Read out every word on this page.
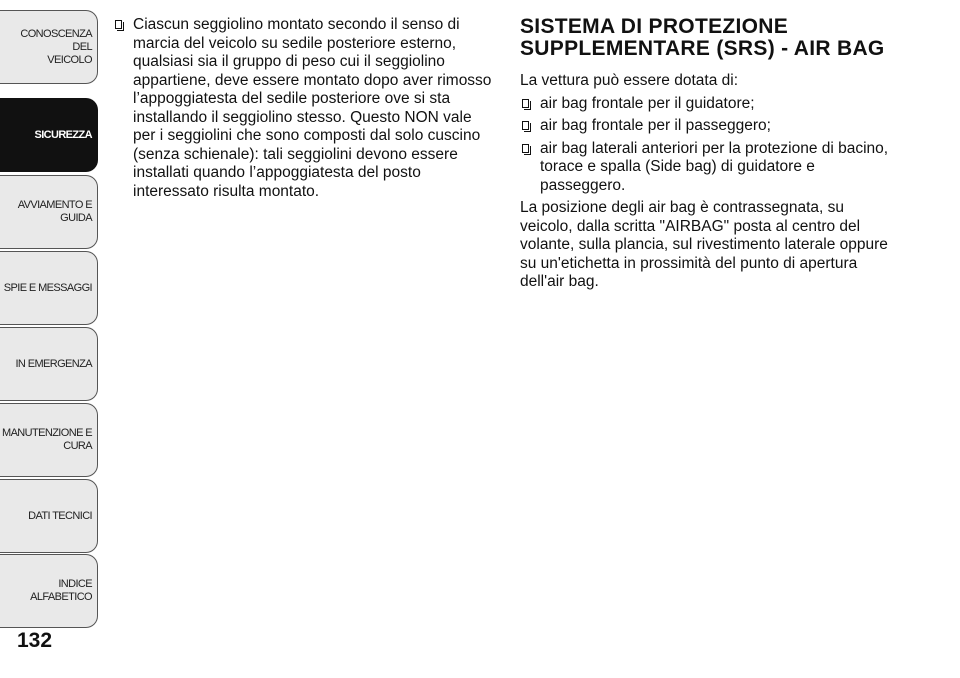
CONOSCENZA DEL
VEICOLO
SICUREZZA
AVVIAMENTO E
GUIDA
SPIE E MESSAGGI
IN EMERGENZA
MANUTENZIONE E
CURA
DATI TECNICI
INDICE ALFABETICO
132
Ciascun seggiolino montato secondo il senso di marcia del veicolo su sedile posteriore esterno, qualsiasi sia il gruppo di peso cui il seggiolino appartiene, deve essere montato dopo aver rimosso l’appoggiatesta del sedile posteriore ove si sta installando il seggiolino stesso. Questo NON vale per i seggiolini che sono composti dal solo cuscino (senza schienale): tali seggiolini devono essere installati quando l’appoggiatesta del posto interessato risulta montato.
SISTEMA DI PROTEZIONE
SUPPLEMENTARE (SRS) - AIR BAG
La vettura può essere dotata di:
air bag frontale per il guidatore;
air bag frontale per il passeggero;
air bag laterali anteriori per la protezione di bacino, torace e spalla (Side bag) di guidatore e passeggero.
La posizione degli air bag è contrassegnata, su veicolo, dalla scritta "AIRBAG" posta al centro del volante, sulla plancia, sul rivestimento laterale oppure su un'etichetta in prossimità del punto di apertura dell'air bag.
